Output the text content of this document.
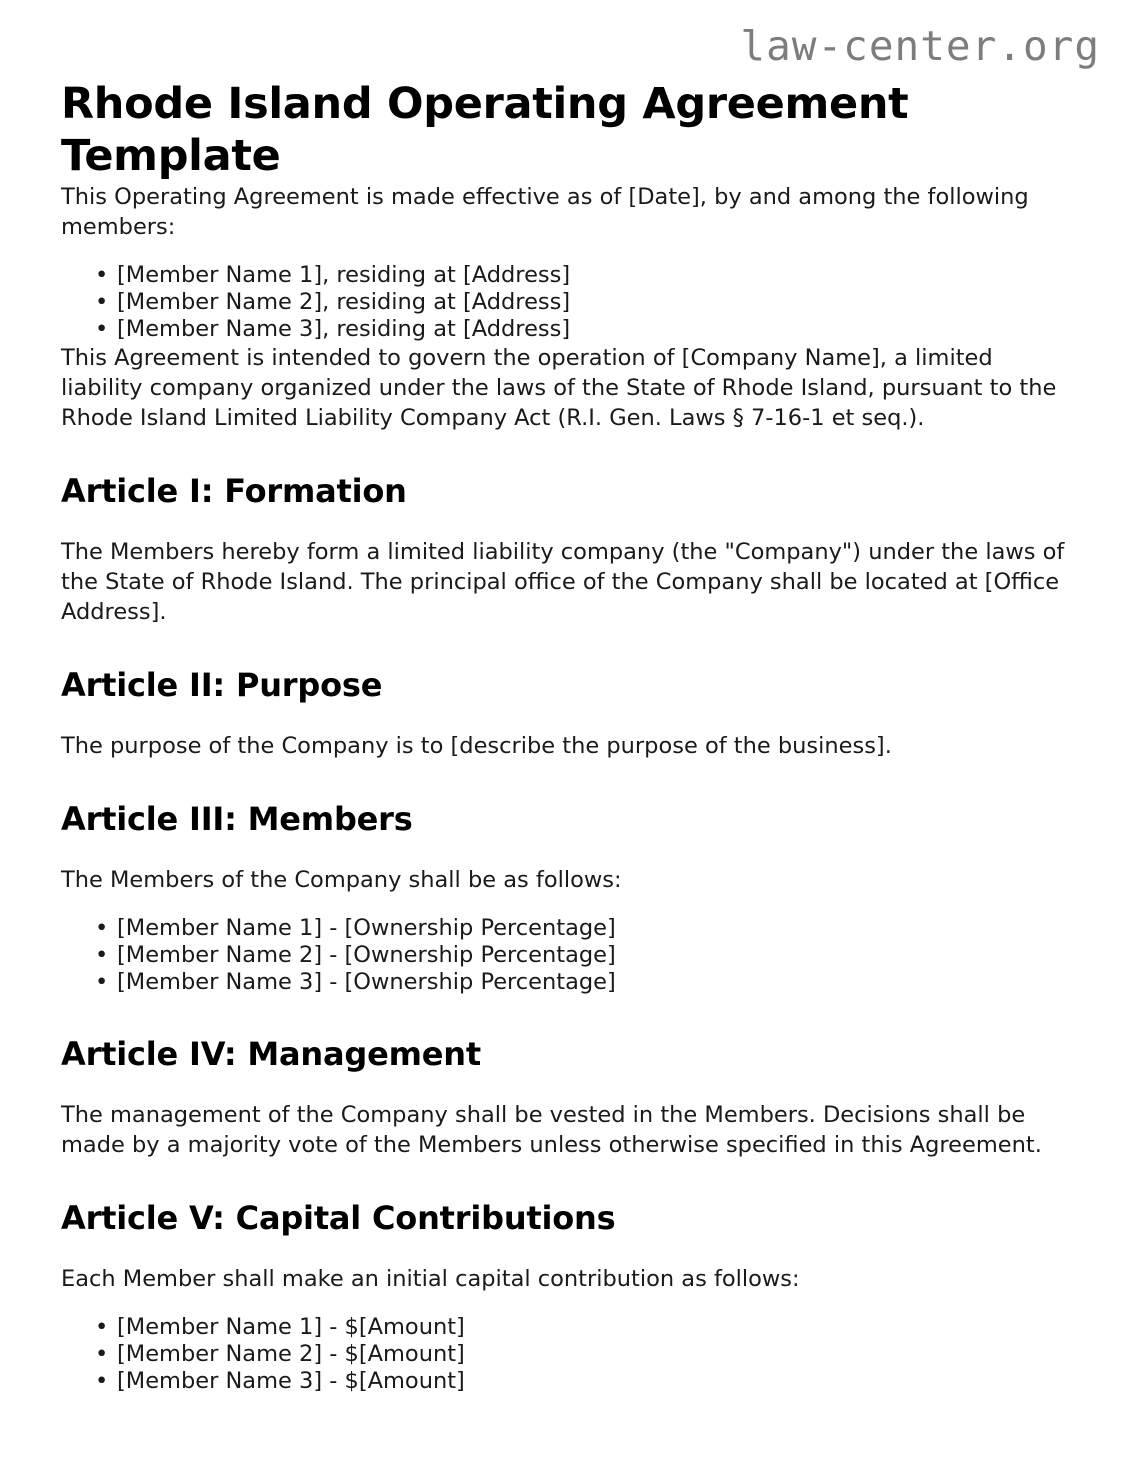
law-center.org
Rhode Island Operating Agreement Template

This Operating Agreement is made effective as of [Date], by and among the following members:

• [Member Name 1], residing at [Address]
• [Member Name 2], residing at [Address]
• [Member Name 3], residing at [Address]

This Agreement is intended to govern the operation of [Company Name], a limited liability company organized under the laws of the State of Rhode Island, pursuant to the Rhode Island Limited Liability Company Act (R.I. Gen. Laws § 7-16-1 et seq.).

Article I: Formation

The Members hereby form a limited liability company (the "Company") under the laws of the State of Rhode Island. The principal office of the Company shall be located at [Office Address].

Article II: Purpose

The purpose of the Company is to [describe the purpose of the business].

Article III: Members

The Members of the Company shall be as follows:

• [Member Name 1] - [Ownership Percentage]
• [Member Name 2] - [Ownership Percentage]
• [Member Name 3] - [Ownership Percentage]
Article IV: Management

The management of the Company shall be vested in the Members. Decisions shall be made by a majority vote of the Members unless otherwise specified in this Agreement.

Article V: Capital Contributions

Each Member shall make an initial capital contribution as follows:

• [Member Name 1] - $[Amount]
• [Member Name 2] - $[Amount]
• [Member Name 3] - $[Amount]
